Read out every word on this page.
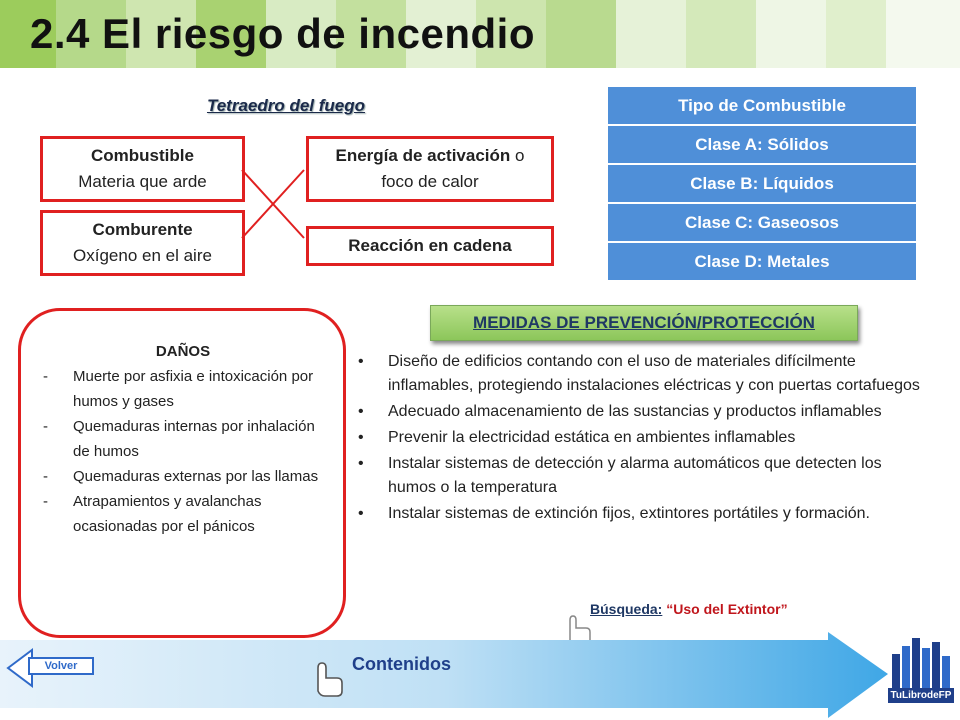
2.4 El riesgo de incendio
Tetraedro del fuego
Combustible
Materia que arde
Energía de activación o
foco de calor
Comburente
Oxígeno en el aire
Reacción en cadena
Tipo de Combustible
Clase A: Sólidos
Clase B: Líquidos
Clase C: Gaseosos
Clase D: Metales
DAÑOS
- Muerte por asfixia e intoxicación por humos y gases
- Quemaduras internas por inhalación de humos
- Quemaduras externas por las llamas
- Atrapamientos y avalanchas ocasionadas por el pánicos
MEDIDAS DE PREVENCIÓN/PROTECCIÓN
• Diseño de edificios contando con el uso de materiales difícilmente inflamables, protegiendo instalaciones eléctricas y con puertas cortafuegos
• Adecuado almacenamiento de las sustancias y productos inflamables
• Prevenir la electricidad estática en ambientes inflamables
• Instalar sistemas de detección y alarma automáticos que detecten los humos o la temperatura
• Instalar sistemas de extinción fijos, extintores portátiles y formación.
Búsqueda: “Uso del Extintor”
Volver	Contenidos
TuLibrodeFP
